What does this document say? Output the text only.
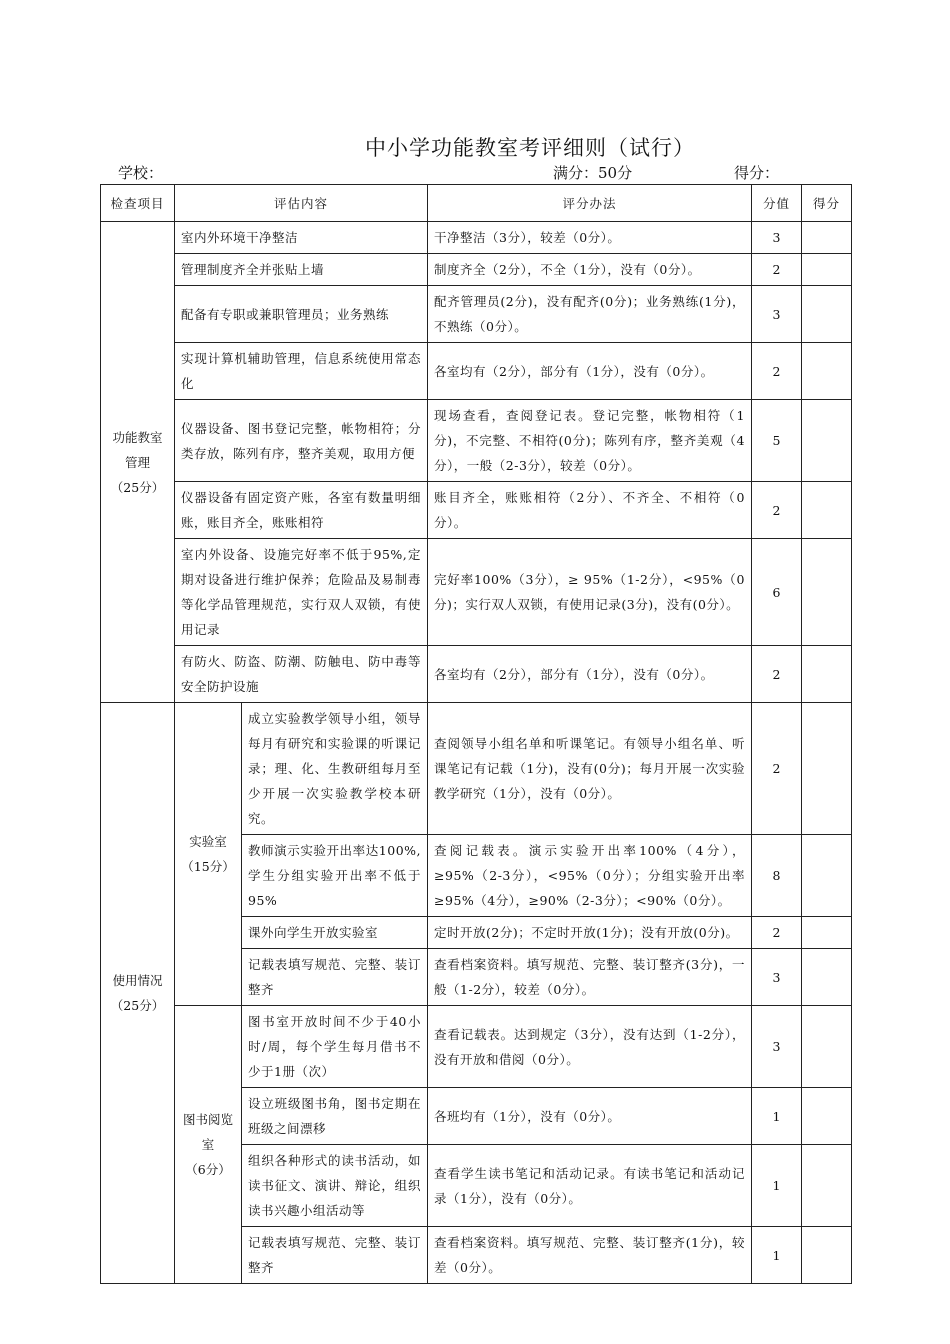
中小学功能教室考评细则（试行）
学校：	满分：50分	得分：
检查项目	评估内容		评分办法	分值	得分

功能教室管理
（25分）	室内外环境干净整洁		干净整洁（3分），较差（0分）。	3	
	管理制度齐全并张贴上墙		制度齐全（2分），不全（1分），没有（0分）。	2	
	配备有专职或兼职管理员；业务熟练		配齐管理员(2分)，没有配齐(0分)；业务熟练(1分)，不熟练（0分）。	3	
	实现计算机辅助管理，信息系统使用常态化		各室均有（2分），部分有（1分），没有（0分）。	2	
	仪器设备、图书登记完整，帐物相符；分类存放，陈列有序，整齐美观，取用方便		现场查看，查阅登记表。登记完整，帐物相符（1分)，不完整、不相符(0分)；陈列有序，整齐美观（4分），一般（2-3分），较差（0分）。	5	
	仪器设备有固定资产账，各室有数量明细账，账目齐全，账账相符		账目齐全，账账相符（2分）、不齐全、不相符（0分）。	2	
	室内外设备、设施完好率不低于95%,定期对设备进行维护保养；危险品及易制毒等化学品管理规范，实行双人双锁，有使用记录		完好率100%（3分），≥ 95%（1-2分），<95%（0分)；实行双人双锁，有使用记录(3分)，没有(0分）。	6	
	有防火、防盗、防潮、防触电、防中毒等安全防护设施		各室均有（2分），部分有（1分），没有（0分）。	2	

使用情况
（25分）	实验室
（15分）	成立实验教学领导小组，领导每月有研究和实验课的听课记录；理、化、生教研组每月至少开展一次实验教学校本研究。	查阅领导小组名单和听课笔记。有领导小组名单、听课笔记有记载（1分)，没有(0分)；每月开展一次实验教学研究（1分），没有（0分）。	2	
		教师演示实验开出率达100%,学生分组实验开出率不低于95%	查阅记载表。演示实验开出率100%（4分），≥95%（2-3分），<95%（0分）；分组实验开出率≥95%（4分），≥90%（2-3分）；<90%（0分）。	8	
		课外向学生开放实验室	定时开放(2分)；不定时开放(1分)；没有开放(0分)。	2	
		记载表填写规范、完整、装订整齐	查看档案资料。填写规范、完整、装订整齐(3分)，一般（1-2分），较差（0分）。	3	

	图书阅览室
（6分）	图书室开放时间不少于40小时/周，每个学生每月借书不少于1册（次）	查看记载表。达到规定（3分），没有达到（1-2分），没有开放和借阅（0分）。	3	
		设立班级图书角，图书定期在班级之间漂移	各班均有（1分），没有（0分）。	1	
		组织各种形式的读书活动，如读书征文、演讲、辩论，组织读书兴趣小组活动等	查看学生读书笔记和活动记录。有读书笔记和活动记录（1分），没有（0分）。	1	
		记载表填写规范、完整、装订整齐	查看档案资料。填写规范、完整、装订整齐(1分)，较差（0分）。	1	
